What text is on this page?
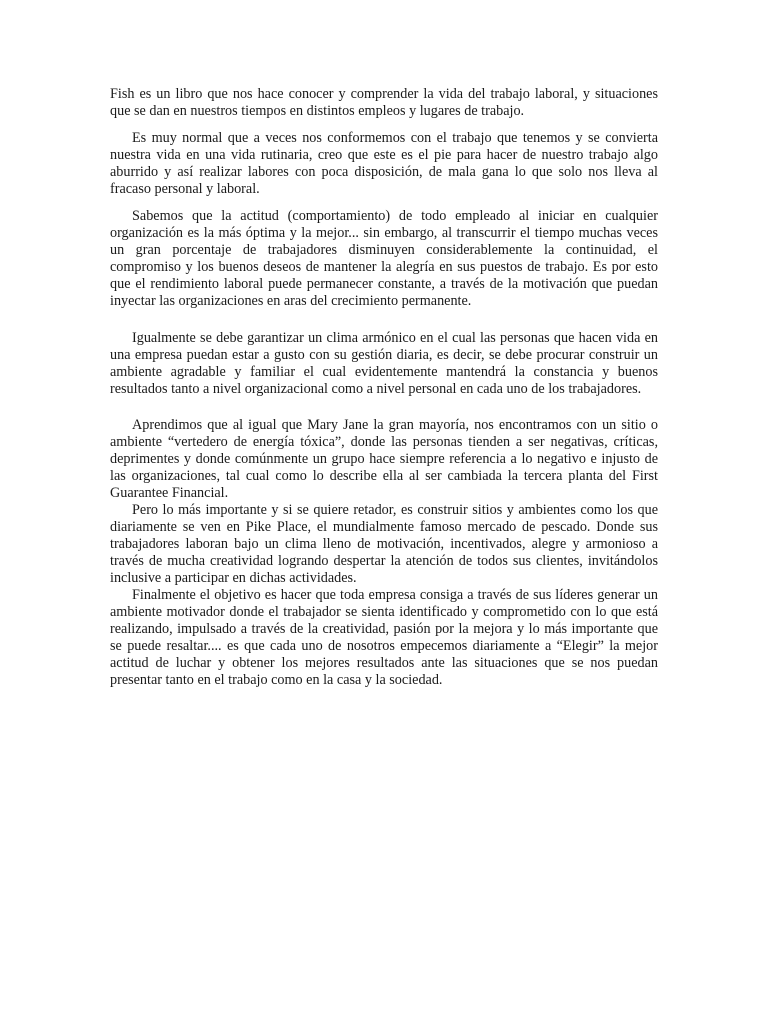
Fish es un libro que nos hace conocer y comprender la vida del trabajo laboral, y situaciones que se dan en nuestros tiempos en distintos empleos y lugares de trabajo.

Es muy normal que a veces nos conformemos con el trabajo que tenemos y se convierta nuestra vida en una vida rutinaria, creo que este es el pie para hacer de nuestro trabajo algo aburrido y así realizar labores con poca disposición, de mala gana lo que solo nos lleva al fracaso personal y laboral.

Sabemos que la actitud (comportamiento) de todo empleado al iniciar en cualquier organización es la más óptima y la mejor... sin embargo, al transcurrir el tiempo muchas veces un gran porcentaje de trabajadores disminuyen considerablemente la continuidad, el compromiso y los buenos deseos de mantener la alegría en sus puestos de trabajo. Es por esto que el rendimiento laboral puede permanecer constante, a través de la motivación que puedan inyectar las organizaciones en aras del crecimiento permanente.

Igualmente se debe garantizar un clima armónico en el cual las personas que hacen vida en una empresa puedan estar a gusto con su gestión diaria, es decir, se debe procurar construir un ambiente agradable y familiar el cual evidentemente mantendrá la constancia y buenos resultados tanto a nivel organizacional como a nivel personal en cada uno de los trabajadores.

Aprendimos que al igual que Mary Jane la gran mayoría, nos encontramos con un sitio o ambiente “vertedero de energía tóxica”, donde las personas tienden a ser negativas, críticas, deprimentes y donde comúnmente un grupo hace siempre referencia a lo negativo e injusto de las organizaciones, tal cual como lo describe ella al ser cambiada la tercera planta del First Guarantee Financial.

Pero lo más importante y si se quiere retador, es construir sitios y ambientes como los que diariamente se ven en Pike Place, el mundialmente famoso mercado de pescado. Donde sus trabajadores laboran bajo un clima lleno de motivación, incentivados, alegre y armonioso a través de mucha creatividad logrando despertar la atención de todos sus clientes, invitándolos inclusive a participar en dichas actividades.

Finalmente el objetivo es hacer que toda empresa consiga a través de sus líderes generar un ambiente motivador donde el trabajador se sienta identificado y comprometido con lo que está realizando, impulsado a través de la creatividad, pasión por la mejora y lo más importante que se puede resaltar.... es que cada uno de nosotros empecemos diariamente a “Elegir” la mejor actitud de luchar y obtener los mejores resultados ante las situaciones que se nos puedan presentar tanto en el trabajo como en la casa y la sociedad.
